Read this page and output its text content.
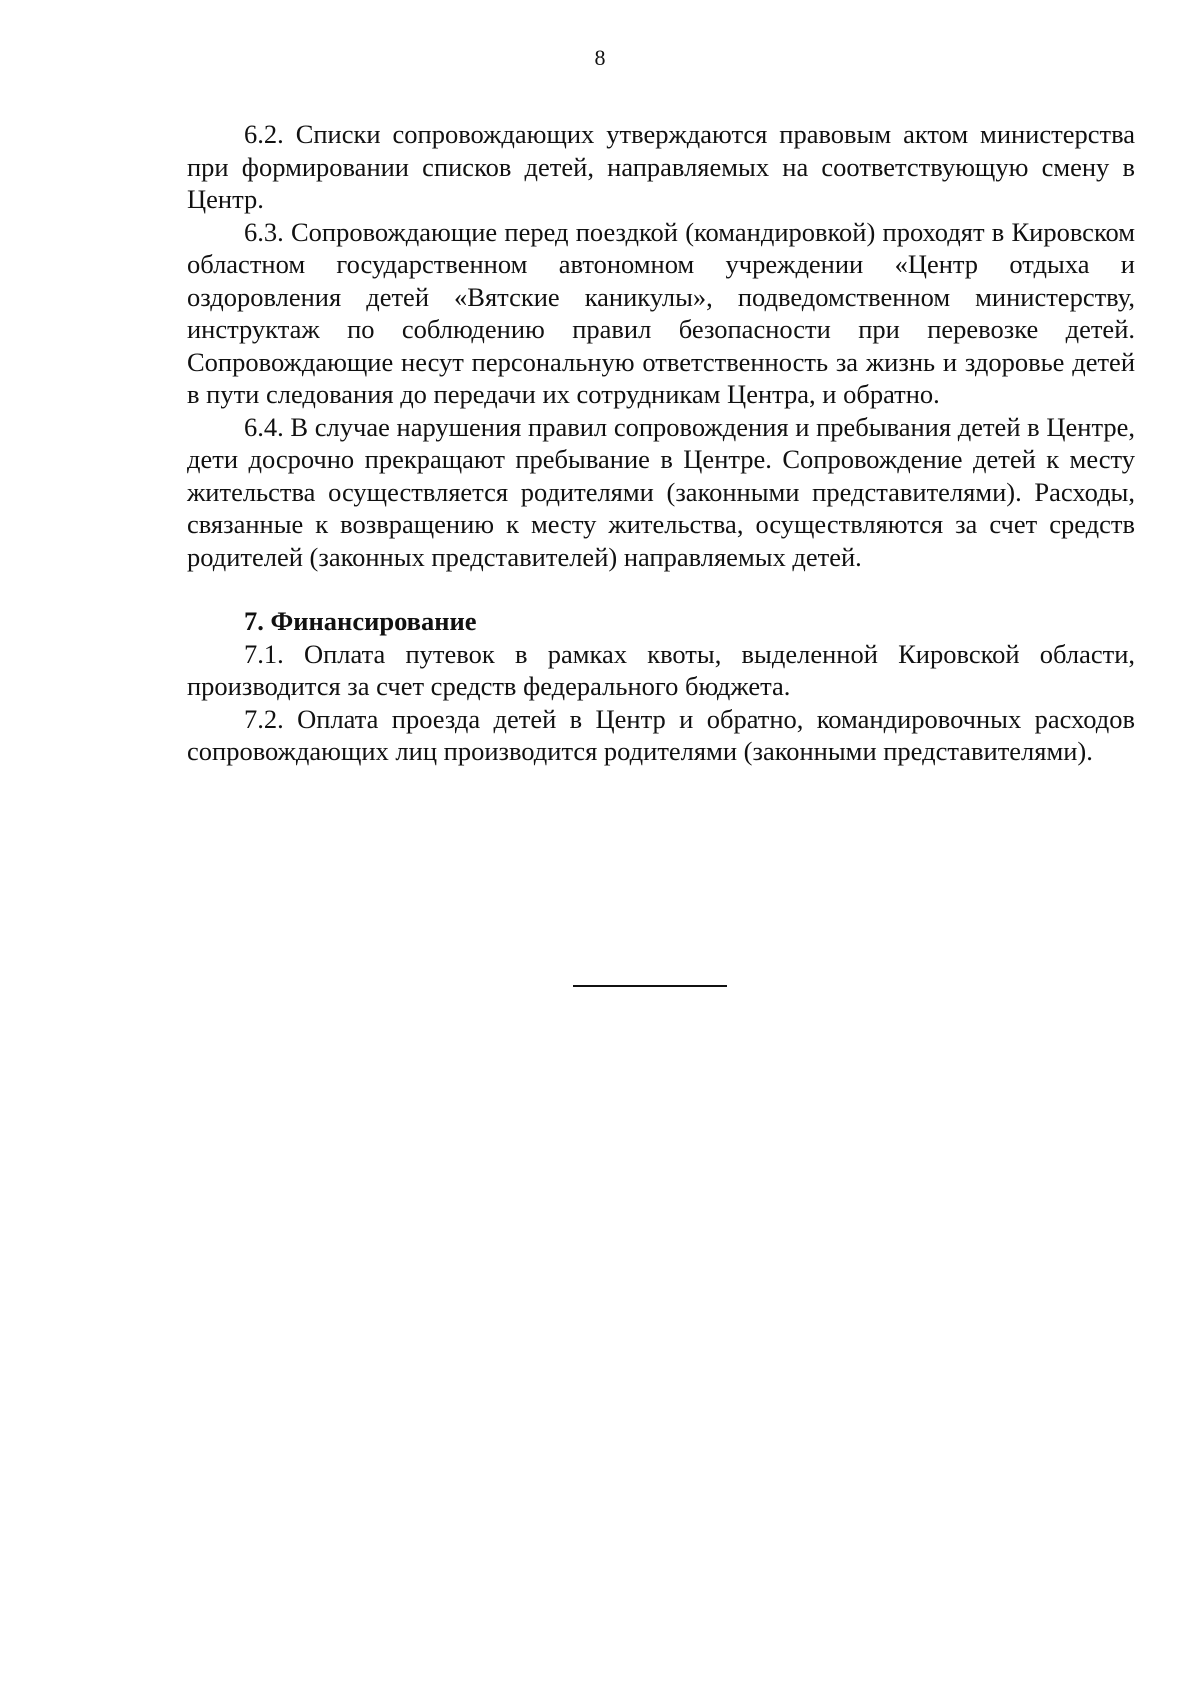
8

6.2. Списки сопровождающих утверждаются правовым актом министерства при формировании списков детей, направляемых на соответствующую смену в Центр.

6.3. Сопровождающие перед поездкой (командировкой) проходят в Кировском областном государственном автономном учреждении «Центр отдыха и оздоровления детей «Вятские каникулы», подведомственном министерству, инструктаж по соблюдению правил безопасности при перевозке детей. Сопровождающие несут персональную ответственность за жизнь и здоровье детей в пути следования до передачи их сотрудникам Центра, и обратно.

6.4. В случае нарушения правил сопровождения и пребывания детей в Центре, дети досрочно прекращают пребывание в Центре. Сопровождение детей к месту жительства осуществляется родителями (законными представителями). Расходы, связанные к возвращению к месту жительства, осуществляются за счет средств родителей (законных представителей) направляемых детей.

7. Финансирование

7.1. Оплата путевок в рамках квоты, выделенной Кировской области, производится за счет средств федерального бюджета.

7.2. Оплата проезда детей в Центр и обратно, командировочных расходов сопровождающих лиц производится родителями (законными представителями).
